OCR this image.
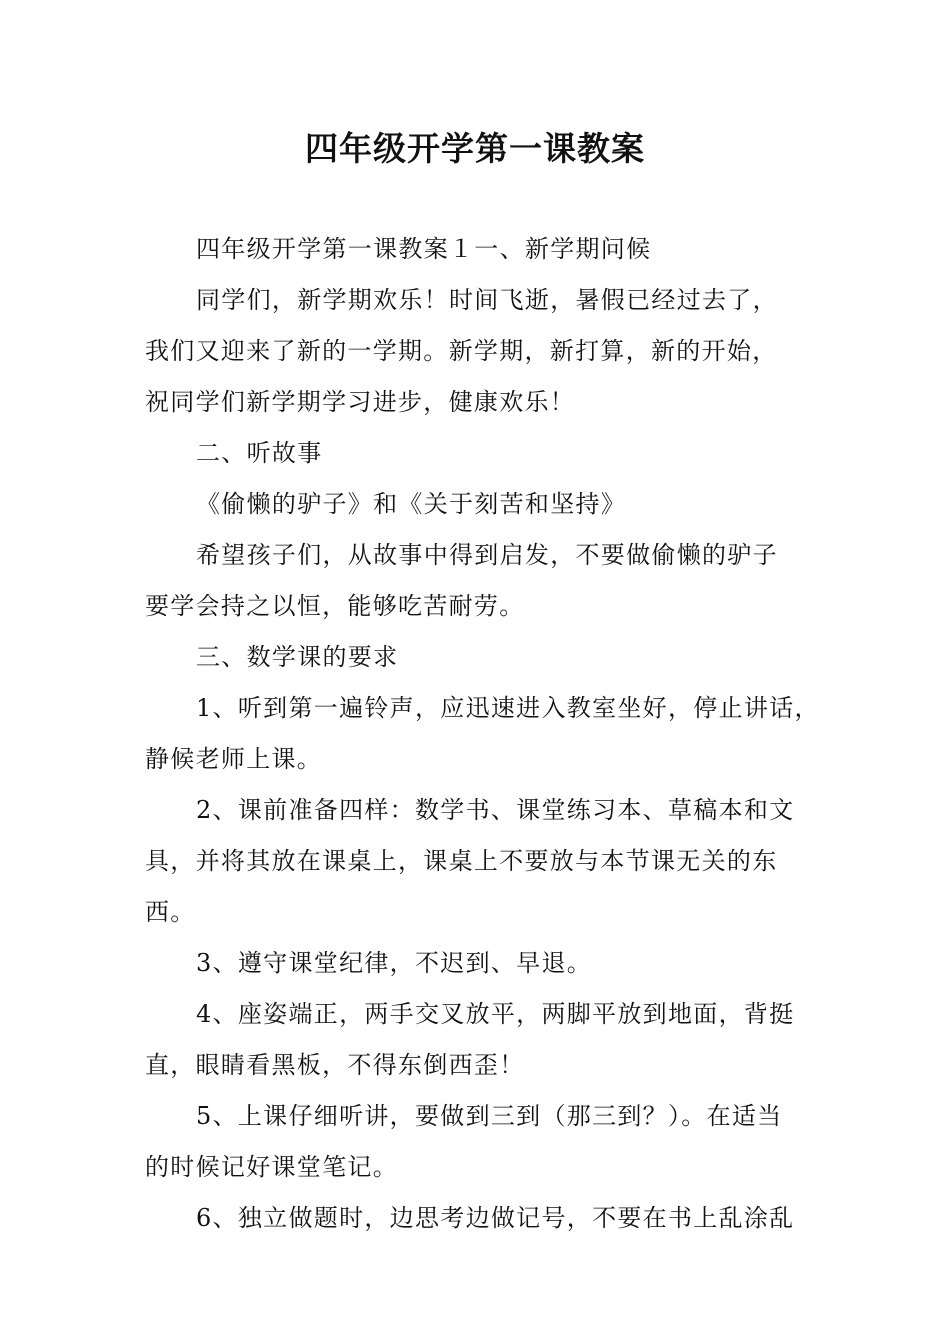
四年级开学第一课教案
四年级开学第一课教案１一、新学期问候
同学们，新学期欢乐！时间飞逝，暑假已经过去了，
我们又迎来了新的一学期。新学期，新打算，新的开始，
祝同学们新学期学习进步，健康欢乐！
二、听故事
《偷懒的驴子》和《关于刻苦和坚持》
希望孩子们，从故事中得到启发，不要做偷懒的驴子
要学会持之以恒，能够吃苦耐劳。
三、数学课的要求
1、听到第一遍铃声，应迅速进入教室坐好，停止讲话，
静候老师上课。
2、课前准备四样：数学书、课堂练习本、草稿本和文
具，并将其放在课桌上，课桌上不要放与本节课无关的东
西。
3、遵守课堂纪律，不迟到、早退。
4、座姿端正，两手交叉放平，两脚平放到地面，背挺
直，眼睛看黑板，不得东倒西歪！
5、上课仔细听讲，要做到三到（那三到？）。在适当
的时候记好课堂笔记。
6、独立做题时，边思考边做记号，不要在书上乱涂乱
